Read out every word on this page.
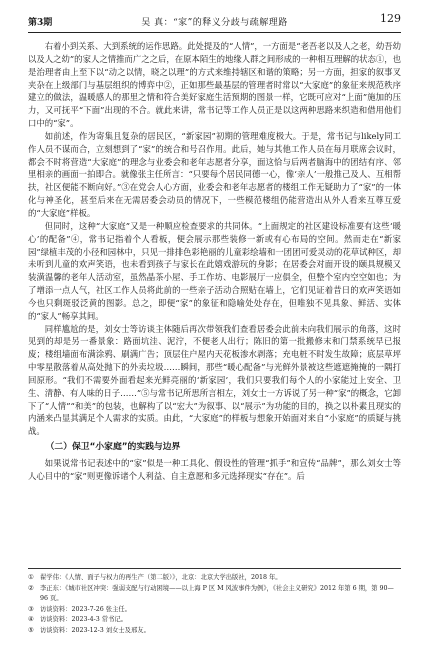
第3期	吴 真：“家”的释义分歧与疏解理路	129

右着小到关系、大到系统的运作思路。此处提及的“人情”，一方面是“老吾老以及人之老，幼吾幼以及人之幼”的家人之情推而广之之后，在原本陌生的地缘人群之间形成的一种相互理解的状态①，也是治理者由上至下以“动之以情，晓之以理”的方式来维持辖区和谐的策略；另一方面，担家的叙事叉夹杂在上级部门与基层组织的博弈中②，正如那些最基层的管理者时常以“大家庭”的象征来规范秩序建立的做法，温暖感人的那里之情和符合美好家庭生活预期的图景一样，它既可应对“上面”施加的压力，又可抚平“下面”出现的不合。就此来讲，常书记等工作人员正是以这两种思路来织造和借用他们口中的“家”。

如前述，作为寄集且复杂的居民区，“新家园”初期的管理难度极大。于是，常书记与likely同工作人员不谋而合，立刻想到了“家”的统合和号召作用。此后，她与其他工作人员在每月联席会议时，都会不时将营造“大家庭”的理念与业委会和老年志愿者分享，面这恰与后两者脑海中的团结有序、邻里相亲的画面一拍即合。就像张主任所言：“只要每个居民同德一心，像‘亲人’一般推己及人、互相帮扶，社区便能不断向好。”③在党会人心方面，业委会和老年志愿者的楼组工作无疑助力了“家”的一体化与神圣化，甚至后来在无需居委会动员的情况下，一些模范楼组仍能营造出从外人看来互尊互爱的“大家庭”样板。

但同时，这种“大家庭”又是一种顺应检查要求的共同体。“上面规定的社区建设标准要有这些‘暖心’的配备”④，常书记指着个人看板，便会展示那些装修一新或有心布局的空间。然而走在“新家园”绿植丰茂的小径和园林中，只见一排排色彩艳丽的儿童彩绘墙和一团团可爱灵动的花草试种区，却未听到儿童的欢声笑语，也未看到孩子与家长在此嬉戏游玩的身影；在居委会对面开设的颐具规模又装潢温馨的老年人活动室，虽然晶茶小屋、手工作坊、电影展厅一应俱全，但整个室内空空如也；为了增添一点人气，社区工作人员将此前的一些亲子活动合照贴在墙上，它们见证着昔日的欢声笑语如今也只剩斑驳泛黄的图影。总之，即便“家”的象征和隐喻处处存在，但唯独不见具象、鲜活、实体的“家人”畅享其间。

同样尴尬的是，刘女士等访谈主体随后再次带领我们查看居委会此前未向我们展示的角落，这时见到的却是另一番景象：路面坑洼、泥泞，不便老人出行；陈旧的第一批搬修末和门禁系统早已报废；楼组墙面布满涂鸦、刷满广告；顶层住户屋内天花板渗水剥落；充电桩不时发生故障；底层草坪中零星散落着从高处抛下的外卖垃圾……瞬间，那些“暖心配备”与光鲜外景被这些遮遮掩掩的一隅打回原形。“我们不需要外面看起来光鲜亮丽的‘新家园’，我们只要我们每个人的小家能过上安全、卫生、清静、有人味的日子……”⑤与常书记所思所言相左，刘女士一方诉说了另一种“家”的概念，它卸下了“人情”“和美”的包装，也解构了以“宏大”为叙事、以“展示”为功能的目的，换之以朴素且现实的内涵来凸显其满足个人需求的实质。由此，“大家庭”的样板与想象开始面对来自“小家庭”的质疑与挑战。

（二）保卫“小家庭”的实践与边界

如果说常书记表述中的“家”似是一种工具化、假设性的管理“抓手”和宣传“品牌”，那么刘女士等人心目中的“家”则更像诉诸个人利益、自主意愿和多元选择现实“存在”。后

① 翟学伟：《人情、面子与权力的再生产（第二版）》，北京：北京大学出版社，2018 年。

② 李正东：《城市社区冲突：强弱支配与行动困境——以上海 P 区 M 风波事件为例》，《社会主义研究》2012 年第 6 期，第 90—96 页。

③ 访谈资料：2023-7-26 张主任。

④ 访谈资料：2023-4-3 常书记。

⑤ 访谈资料：2023-12-3 刘女士及邢友。
